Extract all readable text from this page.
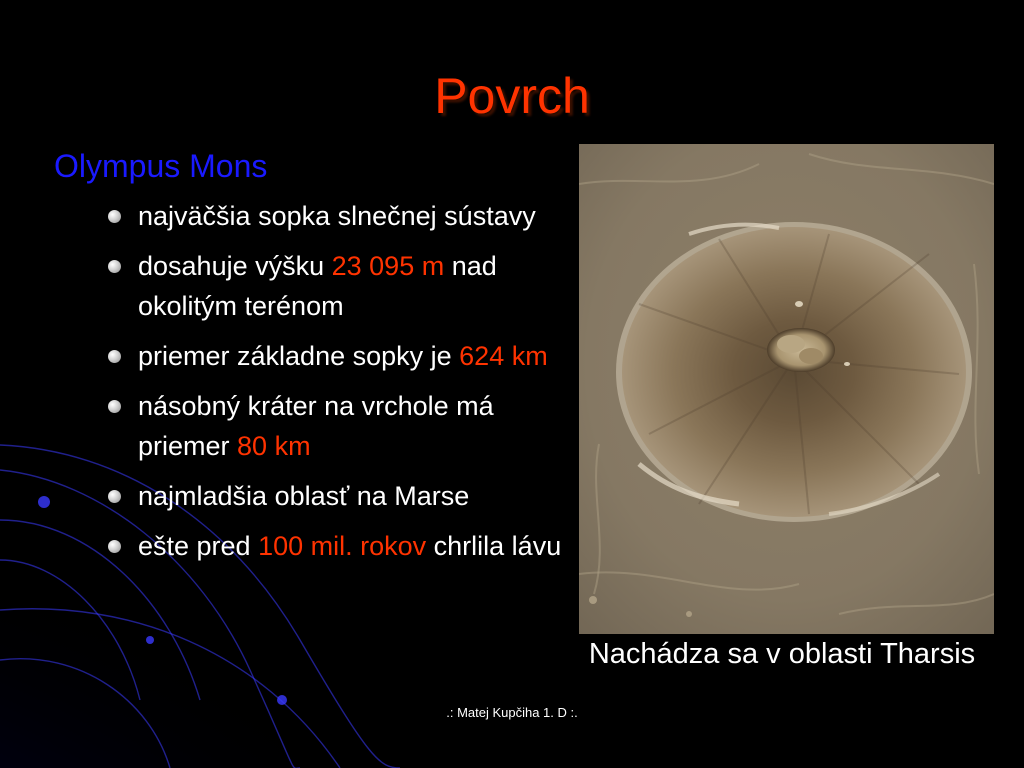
Povrch
Olympus Mons
najväčšia sopka slnečnej sústavy
dosahuje výšku 23 095 m nad okolitým terénom
priemer základne sopky je 624 km
násobný kráter na vrchole má priemer 80 km
najmladšia oblasť na Marse
ešte pred 100 mil. rokov chrlila lávu
Nachádza sa v oblasti Tharsis
.: Matej Kupčiha 1. D :.
